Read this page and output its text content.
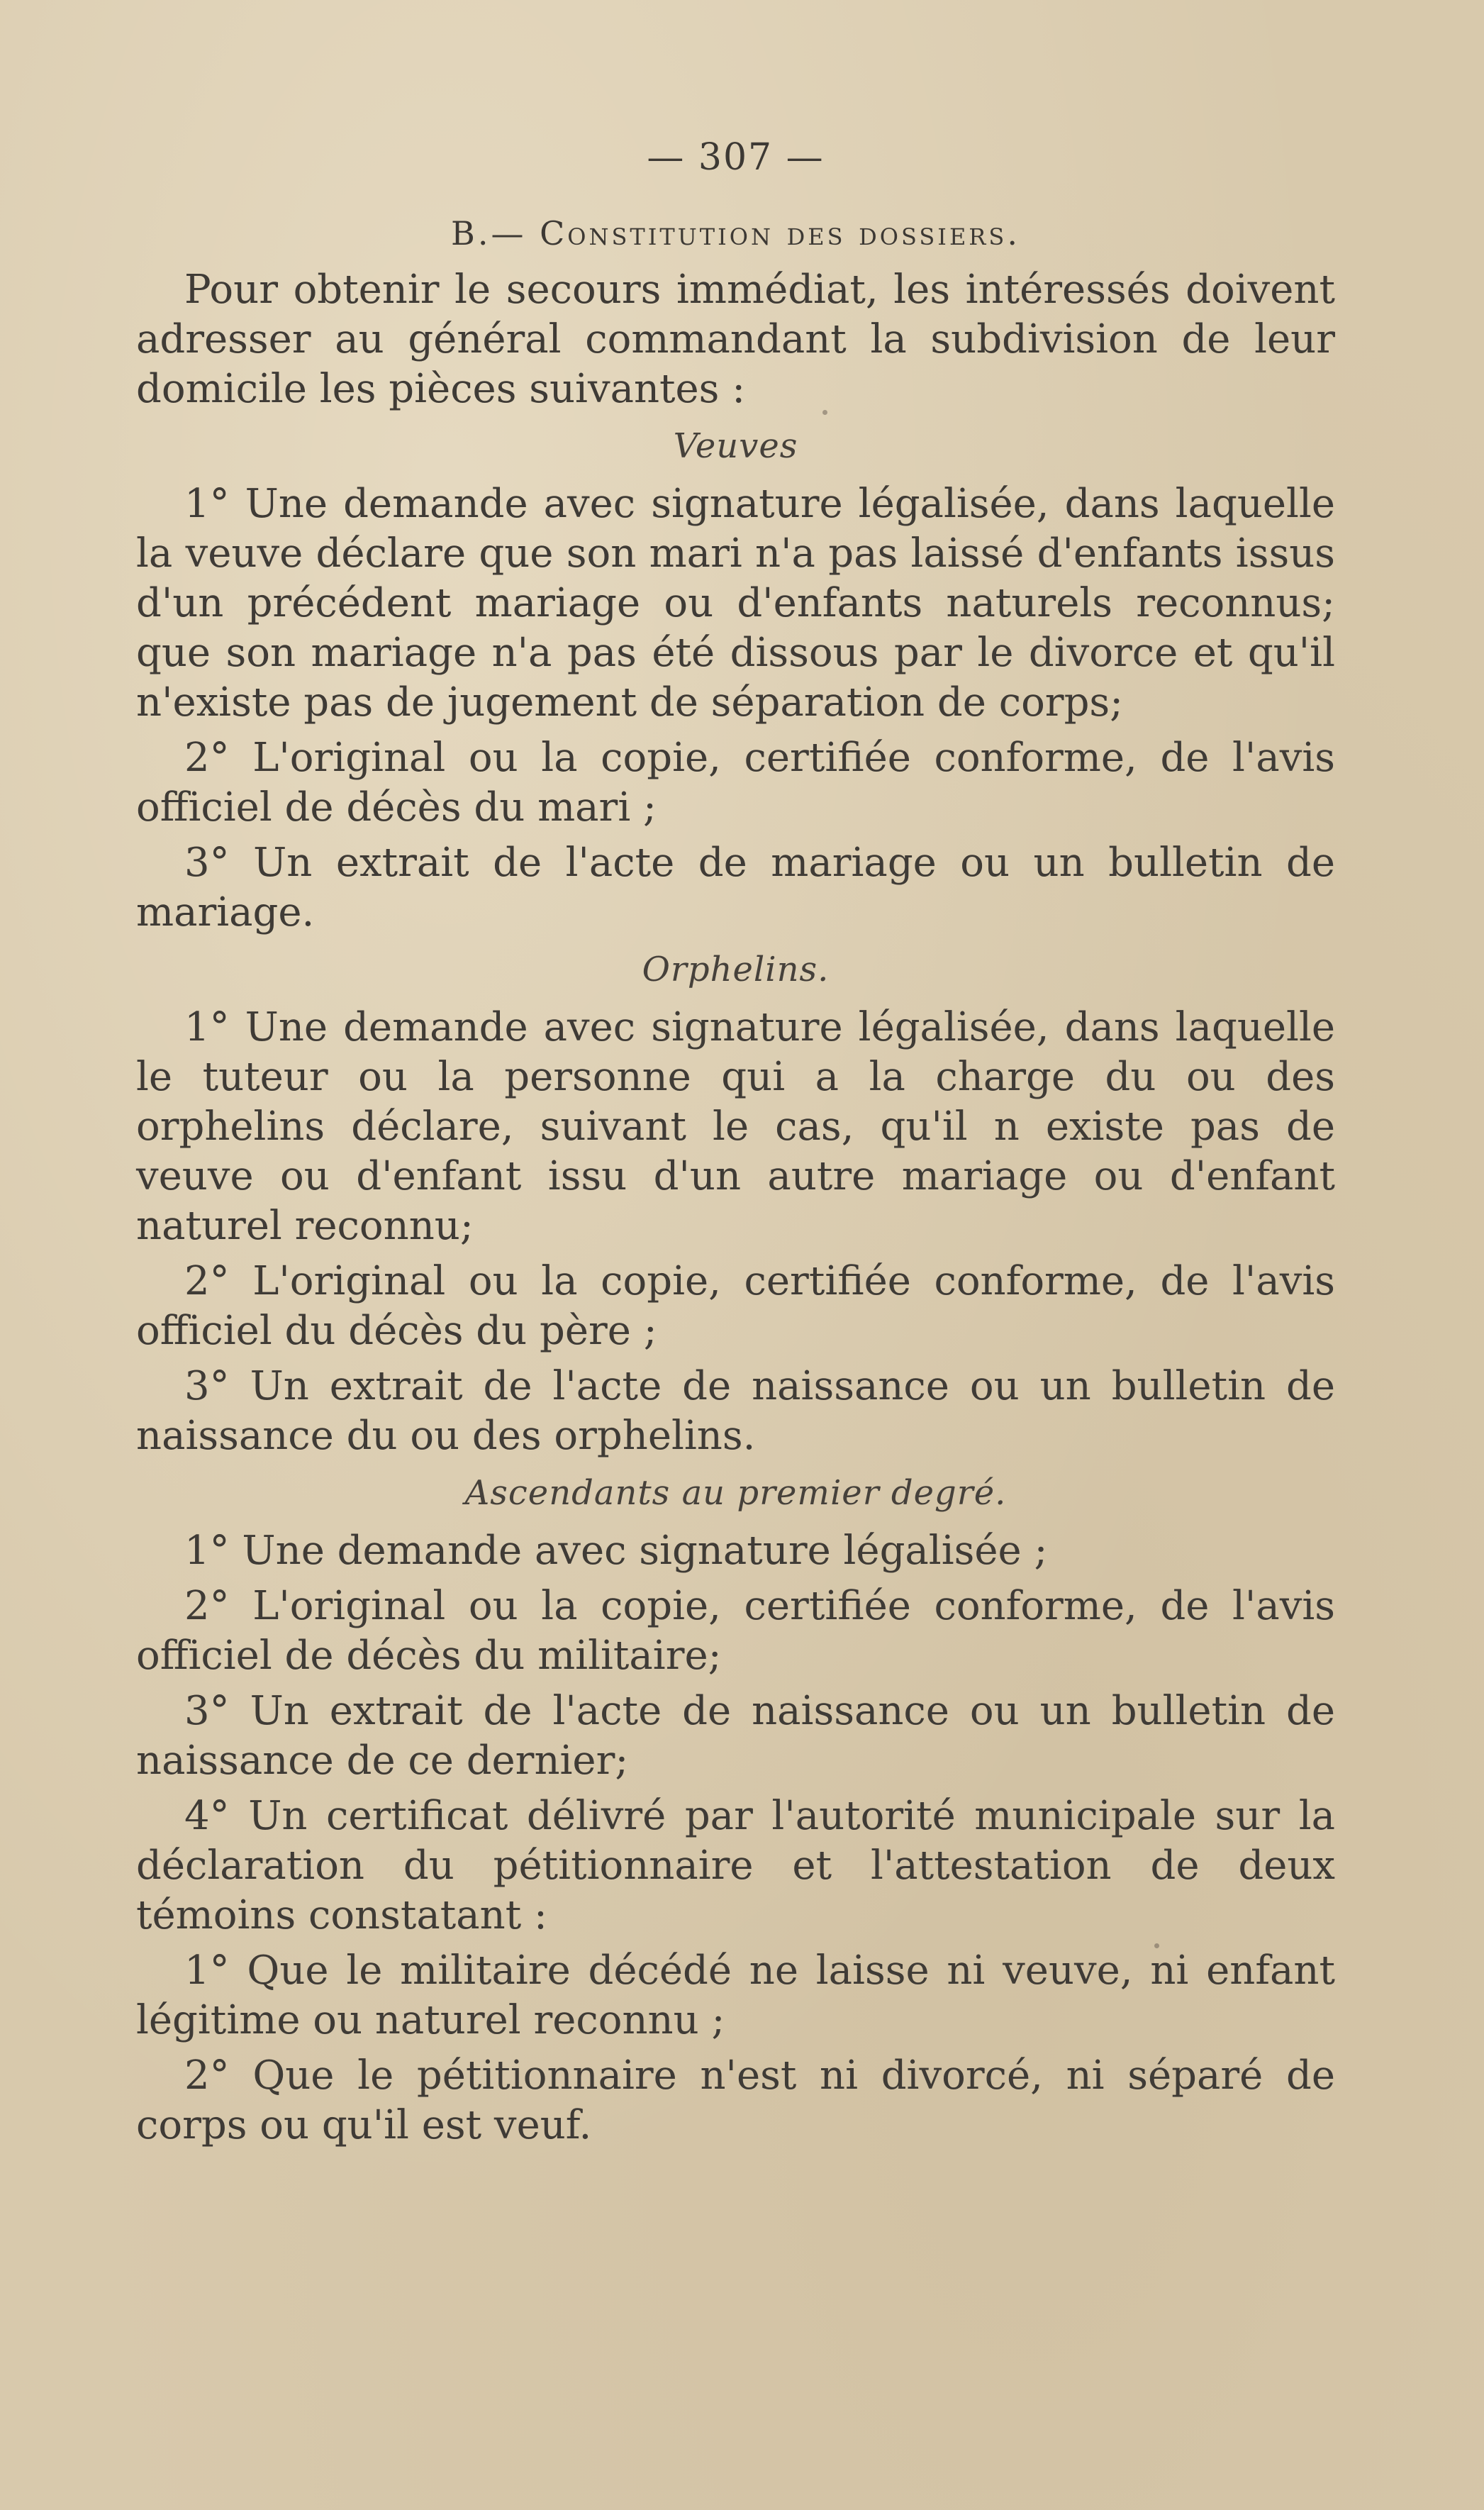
— 307 —
B.— Constitution des dossiers.

Pour obtenir le secours immédiat, les intéressés doivent adresser au général commandant la subdivision de leur domicile les pièces suivantes :

Veuves

1° Une demande avec signature légalisée, dans laquelle la veuve déclare que son mari n'a pas laissé d'enfants issus d'un précédent mariage ou d'enfants naturels reconnus; que son mariage n'a pas été dissous par le divorce et qu'il n'existe pas de jugement de séparation de corps;

2° L'original ou la copie, certifiée conforme, de l'avis officiel de décès du mari ;

3° Un extrait de l'acte de mariage ou un bulletin de mariage.

Orphelins.

1° Une demande avec signature légalisée, dans laquelle le tuteur ou la personne qui a la charge du ou des orphelins déclare, suivant le cas, qu'il n existe pas de veuve ou d'enfant issu d'un autre mariage ou d'enfant naturel reconnu;

2° L'original ou la copie, certifiée conforme, de l'avis officiel du décès du père ;

3° Un extrait de l'acte de naissance ou un bulletin de naissance du ou des orphelins.

Ascendants au premier degré.

1° Une demande avec signature légalisée ;

2° L'original ou la copie, certifiée conforme, de l'avis officiel de décès du militaire;

3° Un extrait de l'acte de naissance ou un bulletin de naissance de ce dernier;

4° Un certificat délivré par l'autorité municipale sur la déclaration du pétitionnaire et l'attestation de deux témoins constatant :

1° Que le militaire décédé ne laisse ni veuve, ni enfant légitime ou naturel reconnu ;

2° Que le pétitionnaire n'est ni divorcé, ni séparé de corps ou qu'il est veuf.
